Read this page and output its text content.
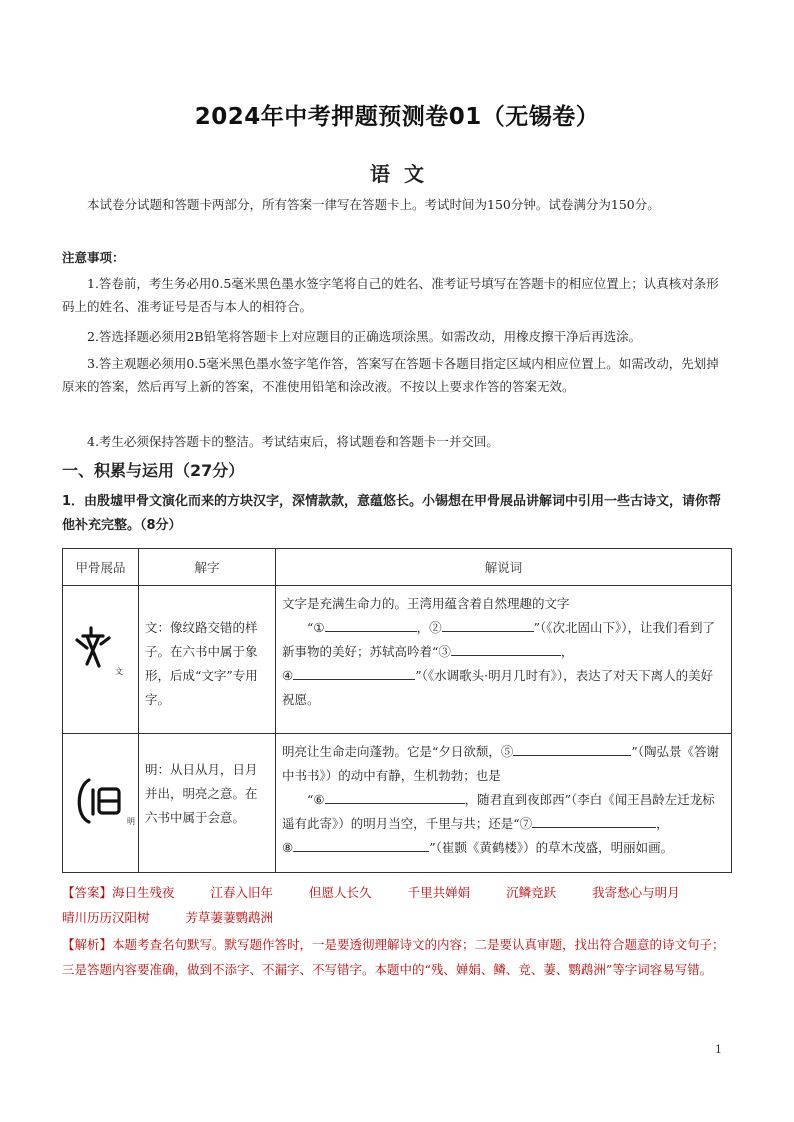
2024年中考押题预测卷01（无锡卷）
语文
本试卷分试题和答题卡两部分，所有答案一律写在答题卡上。考试时间为150分钟。试卷满分为150分。
注意事项：
1.答卷前，考生务必用0.5毫米黑色墨水签字笔将自己的姓名、准考证号填写在答题卡的相应位置上；认真核对条形码上的姓名、准考证号是否与本人的相符合。
2.答选择题必须用2B铅笔将答题卡上对应题目的正确选项涂黑。如需改动，用橡皮擦干净后再选涂。
3.答主观题必须用0.5毫米黑色墨水签字笔作答，答案写在答题卡各题目指定区域内相应位置上。如需改动，先划掉原来的答案，然后再写上新的答案，不准使用铅笔和涂改液。不按以上要求作答的答案无效。
4.考生必须保持答题卡的整洁。考试结束后，将试题卷和答题卡一并交回。
一、积累与运用（27分）
1．由殷墟甲骨文演化而来的方块汉字，深情款款，意蕴悠长。小锡想在甲骨展品讲解词中引用一些古诗文，请你帮他补充完整。（8分）
甲骨展品	解字	解说词

文	文：像纹路交错的样子。在六书中属于象形，后成“文字”专用字。	文字是充满生命力的。王湾用蕴含着自然理趣的文字
“① ，② ”（《次北固山下》），让我们看到了新事物的美好；苏轼高吟着“③ ，
④ ”（《水调歌头·明月几时有》），表达了对天下离人的美好祝愿。

明	明：从日从月，日月并出，明亮之意。在六书中属于会意。	明亮让生命走向蓬勃。它是“夕日欲颓，⑤ ”（陶弘景《答谢中书书》）的动中有静，生机勃勃；也是
“⑥ ，随君直到夜郎西”（李白《闻王昌龄左迁龙标遥有此寄》）的明月当空，千里与共；还是“⑦ ，
⑧ ”（崔颢《黄鹤楼》）的草木茂盛，明丽如画。
【答案】海日生残夜	江春入旧年	但愿人长久	千里共婵娟	沉鳞竞跃	我寄愁心与明月晴川历历汉阳树	芳草萋萋鹦鹉洲
【解析】本题考查名句默写。默写题作答时，一是要透彻理解诗文的内容；二是要认真审题，找出符合题意的诗文句子；三是答题内容要准确，做到不添字、不漏字、不写错字。本题中的“残、婵娟、鳞、竞、萋、鹦鹉洲”等字词容易写错。
1
